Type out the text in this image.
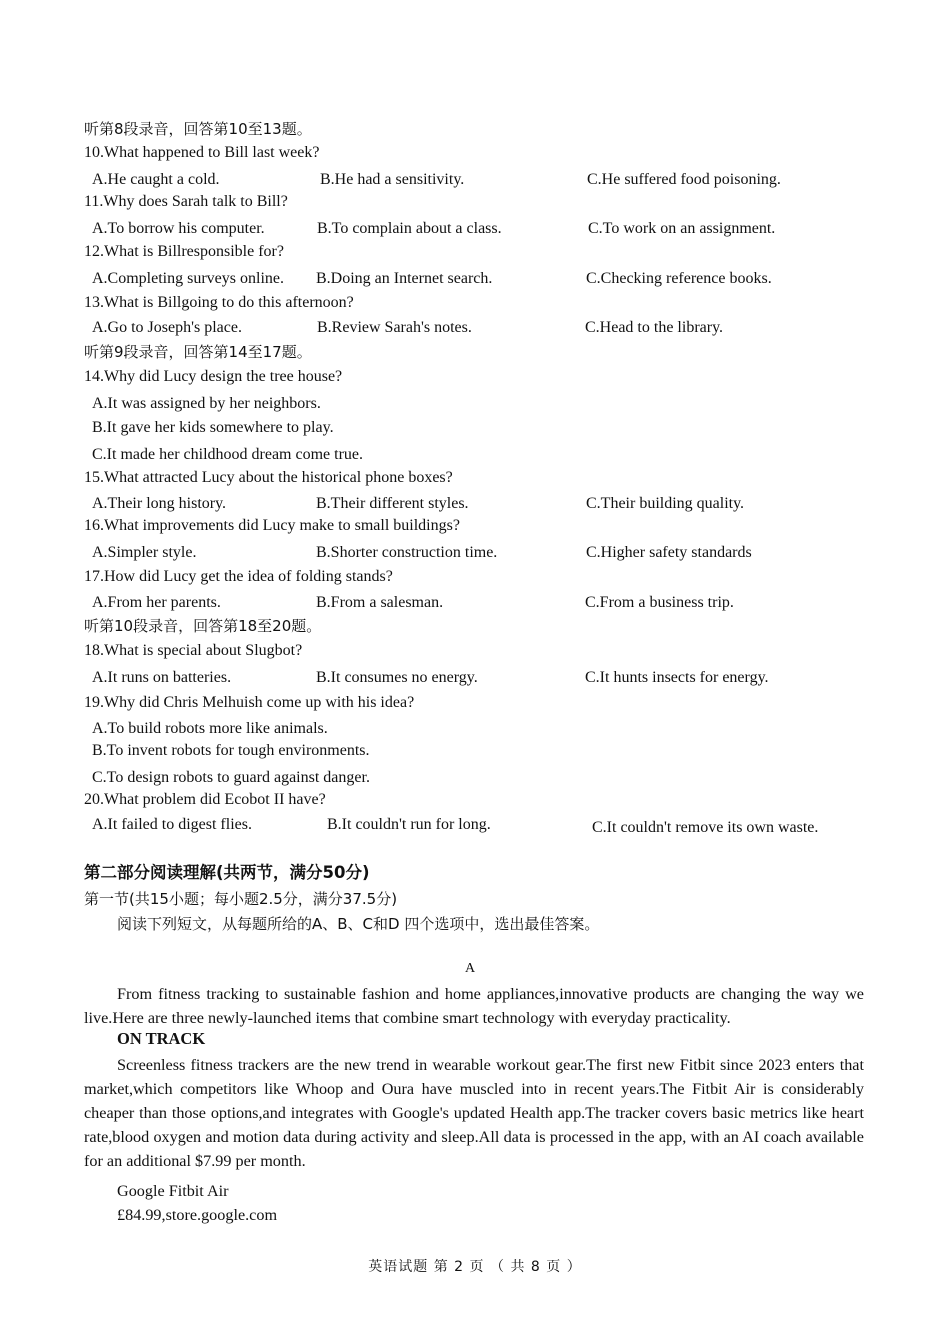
听第8段录音，回答第10至13题。
10.What happened to Bill last week?
A.He caught a cold.	B.He had a sensitivity.	C.He suffered food poisoning.
11.Why does Sarah talk to Bill?
A.To borrow his computer.	B.To complain about a class.	C.To work on an assignment.
12.What is Billresponsible for?
A.Completing surveys online. B.Doing an Internet search.	C.Checking reference books.
13.What is Billgoing to do this afternoon?
A.Go to Joseph's place.	B.Review Sarah's notes.	C.Head to the library.
听第9段录音，回答第14至17题。
14.Why did Lucy design the tree house?
A.It was assigned by her neighbors.
B.It gave her kids somewhere to play.
C.It made her childhood dream come true.
15.What attracted Lucy about the historical phone boxes?
A.Their long history.	B.Their different styles.	C.Their building quality.
16.What improvements did Lucy make to small buildings?
A.Simpler style.	B.Shorter construction time.	C.Higher safety standards
17.How did Lucy get the idea of folding stands?
A.From her parents.	B.From a salesman.	C.From a business trip.
听第10段录音，回答第18至20题。
18.What is special about Slugbot?
A.It runs on batteries.	B.It consumes no energy.	C.It hunts insects for energy.
19.Why did Chris Melhuish come up with his idea?
A.To build robots more like animals.
B.To invent robots for tough environments.
C.To design robots to guard against danger.
20.What problem did Ecobot II have?
A.It failed to digest flies.	B.It couldn't run for long.	C.It couldn't remove its own waste.
第二部分阅读理解(共两节，满分50分)
第一节(共15小题；每小题2.5分，满分37.5分)
阅读下列短文，从每题所给的A、B、C和D 四个选项中，选出最佳答案。
A
From fitness tracking to sustainable fashion and home appliances,innovative products are changing the way we live.Here are three newly-launched items that combine smart technology with everyday practicality.
ON TRACK
Screenless fitness trackers are the new trend in wearable workout gear.The first new Fitbit since 2023 enters that market,which competitors like Whoop and Oura have muscled into in recent years.The Fitbit Air is considerably cheaper than those options,and integrates with Google's updated Health app.The tracker covers basic metrics like heart rate,blood oxygen and motion data during activity and sleep.All data is processed in the app, with an AI coach available for an additional $7.99 per month.
Google Fitbit Air
£84.99,store.google.com
英语试题 第 2 页 （ 共 8 页 ）
